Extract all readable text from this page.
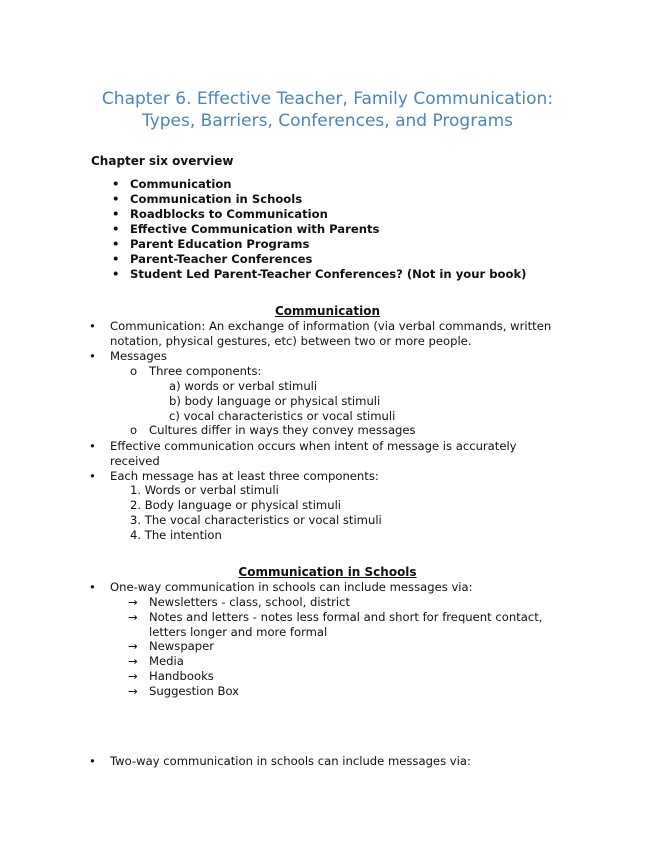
Chapter 6. Effective Teacher, Family Communication:
Types, Barriers, Conferences, and Programs
Chapter six overview
• Communication
• Communication in Schools
• Roadblocks to Communication
• Effective Communication with Parents
• Parent Education Programs
• Parent-Teacher Conferences
• Student Led Parent-Teacher Conferences? (Not in your book)
Communication
• Communication: An exchange of information (via verbal commands, written
notation, physical gestures, etc) between two or more people.
• Messages
o Three components:
a) words or verbal stimuli
b) body language or physical stimuli
c) vocal characteristics or vocal stimuli
o Cultures differ in ways they convey messages
• Effective communication occurs when intent of message is accurately
received
• Each message has at least three components:
1. Words or verbal stimuli
2. Body language or physical stimuli
3. The vocal characteristics or vocal stimuli
4. The intention
Communication in Schools
• One-way communication in schools can include messages via:
→ Newsletters - class, school, district
→ Notes and letters - notes less formal and short for frequent contact,
letters longer and more formal
→ Newspaper
→ Media
→ Handbooks
→ Suggestion Box
• Two-way communication in schools can include messages via:
